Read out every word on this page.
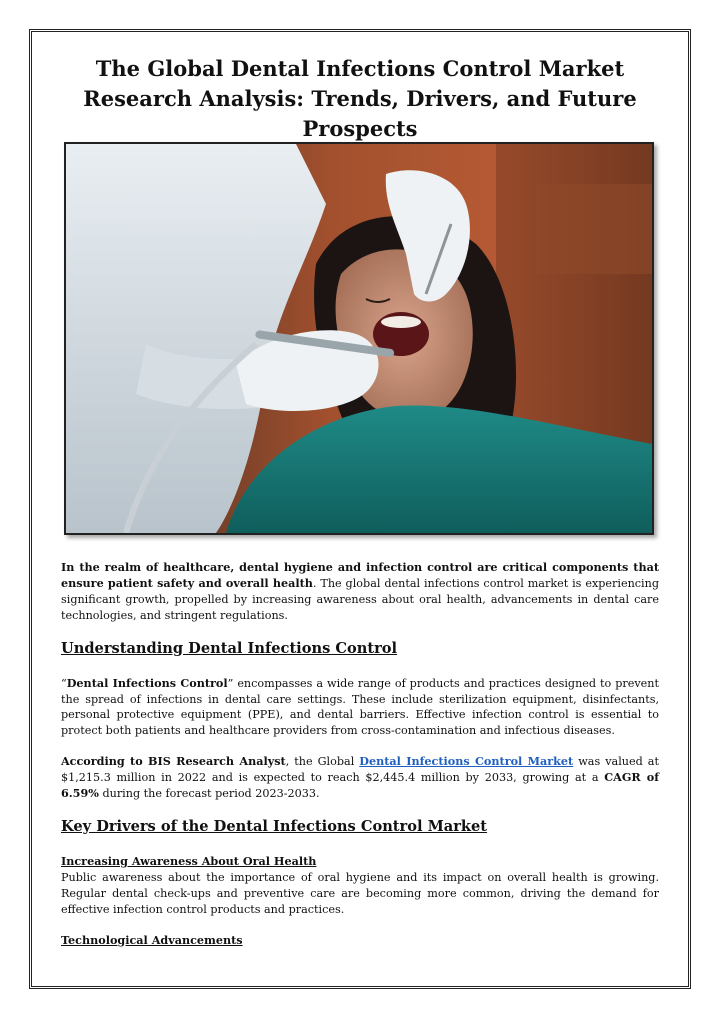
The Global Dental Infections Control Market Research Analysis: Trends, Drivers, and Future Prospects

In the realm of healthcare, dental hygiene and infection control are critical components that ensure patient safety and overall health. The global dental infections control market is experiencing significant growth, propelled by increasing awareness about oral health, advancements in dental care technologies, and stringent regulations.

Understanding Dental Infections Control

“Dental Infections Control” encompasses a wide range of products and practices designed to prevent the spread of infections in dental care settings. These include sterilization equipment, disinfectants, personal protective equipment (PPE), and dental barriers. Effective infection control is essential to protect both patients and healthcare providers from cross-contamination and infectious diseases.

According to BIS Research Analyst, the Global Dental Infections Control Market was valued at $1,215.3 million in 2022 and is expected to reach $2,445.4 million by 2033, growing at a CAGR of 6.59% during the forecast period 2023-2033.

Key Drivers of the Dental Infections Control Market

Increasing Awareness About Oral Health

Public awareness about the importance of oral hygiene and its impact on overall health is growing. Regular dental check-ups and preventive care are becoming more common, driving the demand for effective infection control products and practices.

Technological Advancements
